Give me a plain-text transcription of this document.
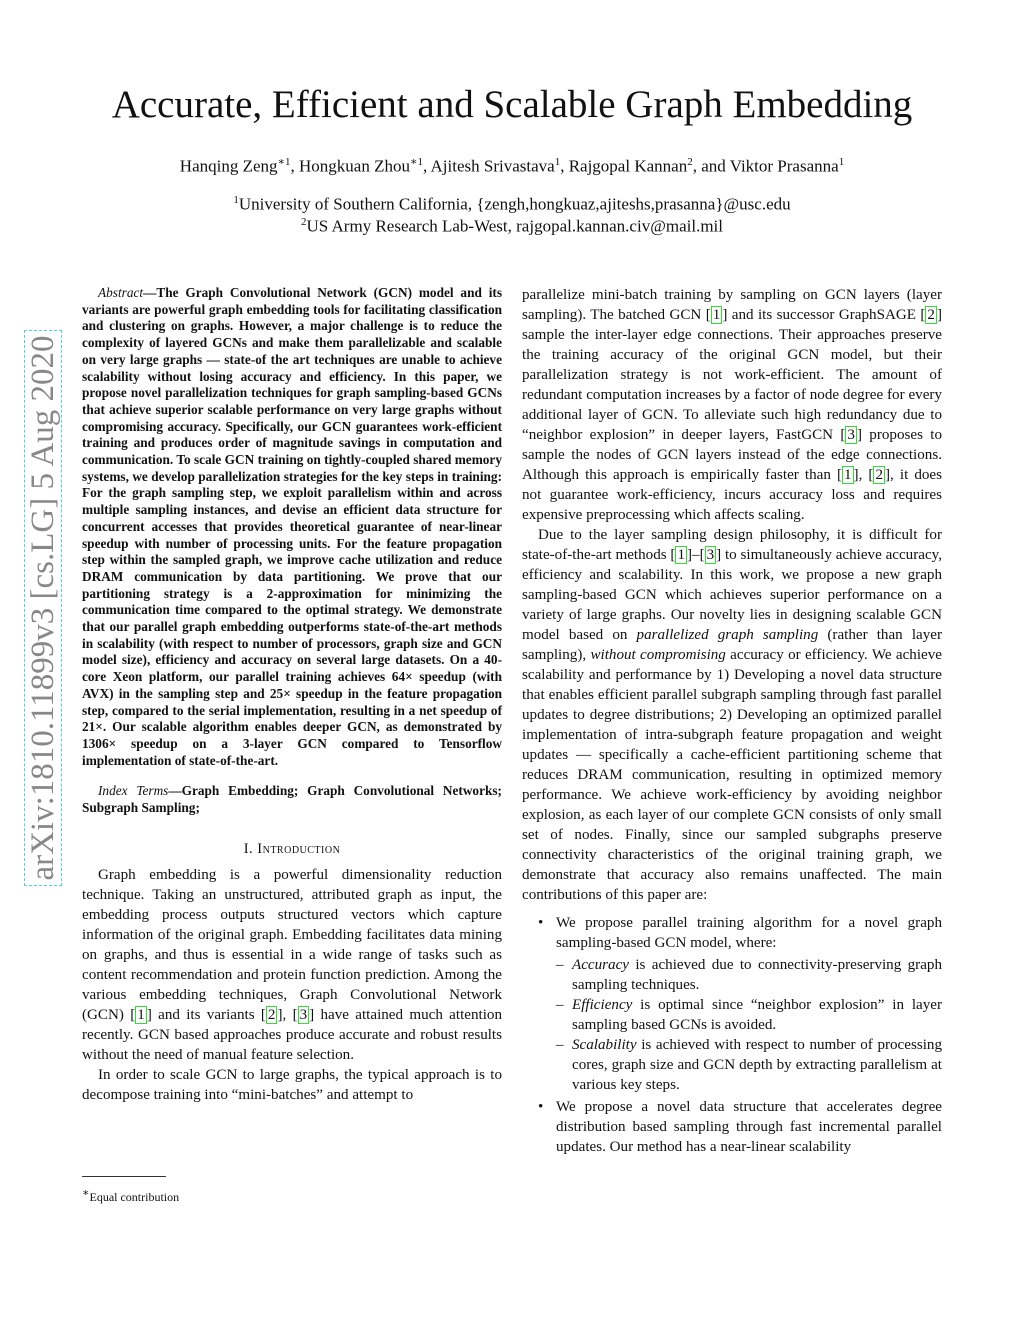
arXiv:1810.11899v3 [cs.LG] 5 Aug 2020
Accurate, Efficient and Scalable Graph Embedding
Hanqing Zeng$^{∗1}$, Hongkuan Zhou$^{∗1}$, Ajitesh Srivastava$^1$, Rajgopal Kannan$^2$, and Viktor Prasanna$^1$
$^1$University of Southern California, {zengh,hongkuaz,ajiteshs,prasanna}@usc.edu
$^2$US Army Research Lab-West, rajgopal.kannan.civ@mail.mil

Abstract—The Graph Convolutional Network (GCN) model and its variants are powerful graph embedding tools for facilitating classification and clustering on graphs. However, a major challenge is to reduce the complexity of layered GCNs and make them parallelizable and scalable on very large graphs — state-of the art techniques are unable to achieve scalability without losing accuracy and efficiency. In this paper, we propose novel parallelization techniques for graph sampling-based GCNs that achieve superior scalable performance on very large graphs without compromising accuracy. Specifically, our GCN guarantees work-efficient training and produces order of magnitude savings in computation and communication. To scale GCN training on tightly-coupled shared memory systems, we develop parallelization strategies for the key steps in training: For the graph sampling step, we exploit parallelism within and across multiple sampling instances, and devise an efficient data structure for concurrent accesses that provides theoretical guarantee of near-linear speedup with number of processing units. For the feature propagation step within the sampled graph, we improve cache utilization and reduce DRAM communication by data partitioning. We prove that our partitioning strategy is a 2-approximation for minimizing the communication time compared to the optimal strategy. We demonstrate that our parallel graph embedding outperforms state-of-the-art methods in scalability (with respect to number of processors, graph size and GCN model size), efficiency and accuracy on several large datasets. On a 40-core Xeon platform, our parallel training achieves 64× speedup (with AVX) in the sampling step and 25× speedup in the feature propagation step, compared to the serial implementation, resulting in a net speedup of 21×. Our scalable algorithm enables deeper GCN, as demonstrated by 1306× speedup on a 3-layer GCN compared to Tensorflow implementation of state-of-the-art.

Index Terms—Graph Embedding; Graph Convolutional Networks; Subgraph Sampling;

I. Introduction

Graph embedding is a powerful dimensionality reduction technique. Taking an unstructured, attributed graph as input, the embedding process outputs structured vectors which capture information of the original graph. Embedding facilitates data mining on graphs, and thus is essential in a wide range of tasks such as content recommendation and protein function prediction. Among the various embedding techniques, Graph Convolutional Network (GCN) [ 1 ] and its variants [ 2 ], [ 3 ] have attained much attention recently. GCN based approaches produce accurate and robust results without the need of manual feature selection.

In order to scale GCN to large graphs, the typical approach is to decompose training into “mini-batches” and attempt to

parallelize mini-batch training by sampling on GCN layers (layer sampling). The batched GCN [ 1 ] and its successor GraphSAGE [ 2 ] sample the inter-layer edge connections. Their approaches preserve the training accuracy of the original GCN model, but their parallelization strategy is not work-efficient. The amount of redundant computation increases by a factor of node degree for every additional layer of GCN. To alleviate such high redundancy due to “neighbor explosion” in deeper layers, FastGCN [ 3 ] proposes to sample the nodes of GCN layers instead of the edge connections. Although this approach is empirically faster than [ 1 ], [ 2 ], it does not guarantee work-efficiency, incurs accuracy loss and requires expensive preprocessing which affects scaling.

Due to the layer sampling design philosophy, it is difficult for state-of-the-art methods [ 1 ]–[ 3 ] to simultaneously achieve accuracy, efficiency and scalability. In this work, we propose a new graph sampling-based GCN which achieves superior performance on a variety of large graphs. Our novelty lies in designing scalable GCN model based on parallelized graph sampling (rather than layer sampling), without compromising accuracy or efficiency. We achieve scalability and performance by 1) Developing a novel data structure that enables efficient parallel subgraph sampling through fast parallel updates to degree distributions; 2) Developing an optimized parallel implementation of intra-subgraph feature propagation and weight updates — specifically a cache-efficient partitioning scheme that reduces DRAM communication, resulting in optimized memory performance. We achieve work-efficiency by avoiding neighbor explosion, as each layer of our complete GCN consists of only small set of nodes. Finally, since our sampled subgraphs preserve connectivity characteristics of the original training graph, we demonstrate that accuracy also remains unaffected. The main contributions of this paper are:

• We propose parallel training algorithm for a novel graph sampling-based GCN model, where:
– Accuracy is achieved due to connectivity-preserving graph sampling techniques.
– Efficiency is optimal since “neighbor explosion” in layer sampling based GCNs is avoided.
– Scalability is achieved with respect to number of processing cores, graph size and GCN depth by extracting parallelism at various key steps.
• We propose a novel data structure that accelerates degree distribution based sampling through fast incremental parallel updates. Our method has a near-linear scalability
∗Equal contribution
